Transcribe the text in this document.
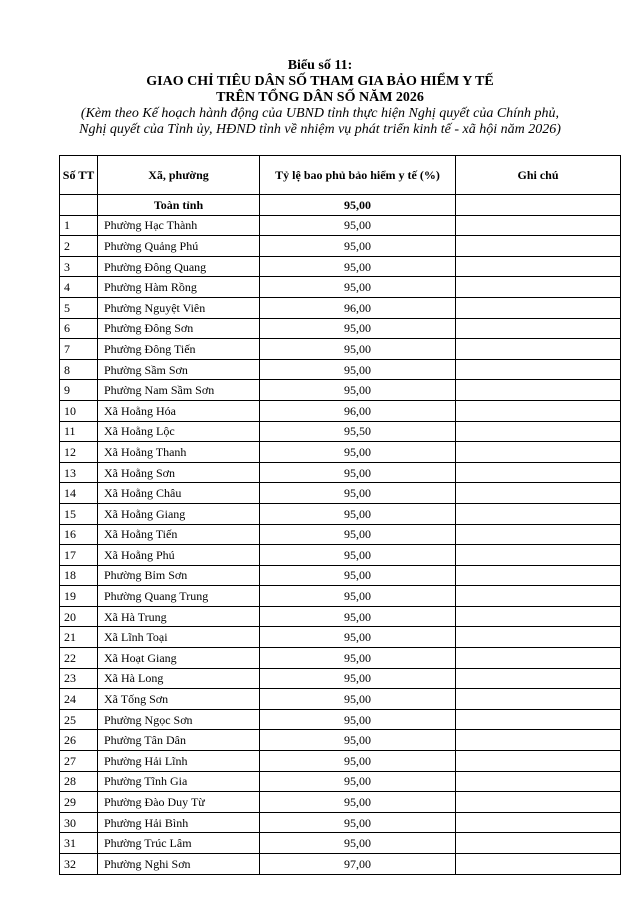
Biểu số 11:
GIAO CHỈ TIÊU DÂN SỐ THAM GIA BẢO HIỂM Y TẾ
TRÊN TỔNG DÂN SỐ NĂM 2026
(Kèm theo Kế hoạch hành động của UBND tỉnh thực hiện Nghị quyết của Chính phủ,
Nghị quyết của Tỉnh ủy, HĐND tỉnh về nhiệm vụ phát triển kinh tế - xã hội năm 2026)
Số TT	Xã, phường	Tỷ lệ bao phủ bảo hiểm y tế (%)	Ghi chú
	Toàn tỉnh	95,00	
1	Phường Hạc Thành	95,00	
2	Phường Quảng Phú	95,00	
3	Phường Đông Quang	95,00	
4	Phường Hàm Rồng	95,00	
5	Phường Nguyệt Viên	96,00	
6	Phường Đông Sơn	95,00	
7	Phường Đông Tiến	95,00	
8	Phường Sầm Sơn	95,00	
9	Phường Nam Sầm Sơn	95,00	
10	Xã Hoằng Hóa	96,00	
11	Xã Hoằng Lộc	95,50	
12	Xã Hoằng Thanh	95,00	
13	Xã Hoằng Sơn	95,00	
14	Xã Hoằng Châu	95,00	
15	Xã Hoằng Giang	95,00	
16	Xã Hoằng Tiến	95,00	
17	Xã Hoằng Phú	95,00	
18	Phường Bỉm Sơn	95,00	
19	Phường Quang Trung	95,00	
20	Xã Hà Trung	95,00	
21	Xã Lĩnh Toại	95,00	
22	Xã Hoạt Giang	95,00	
23	Xã Hà Long	95,00	
24	Xã Tống Sơn	95,00	
25	Phường Ngọc Sơn	95,00	
26	Phường Tân Dân	95,00	
27	Phường Hải Lĩnh	95,00	
28	Phường Tĩnh Gia	95,00	
29	Phường Đào Duy Từ	95,00	
30	Phường Hải Bình	95,00	
31	Phường Trúc Lâm	95,00	
32	Phường Nghi Sơn	97,00	
